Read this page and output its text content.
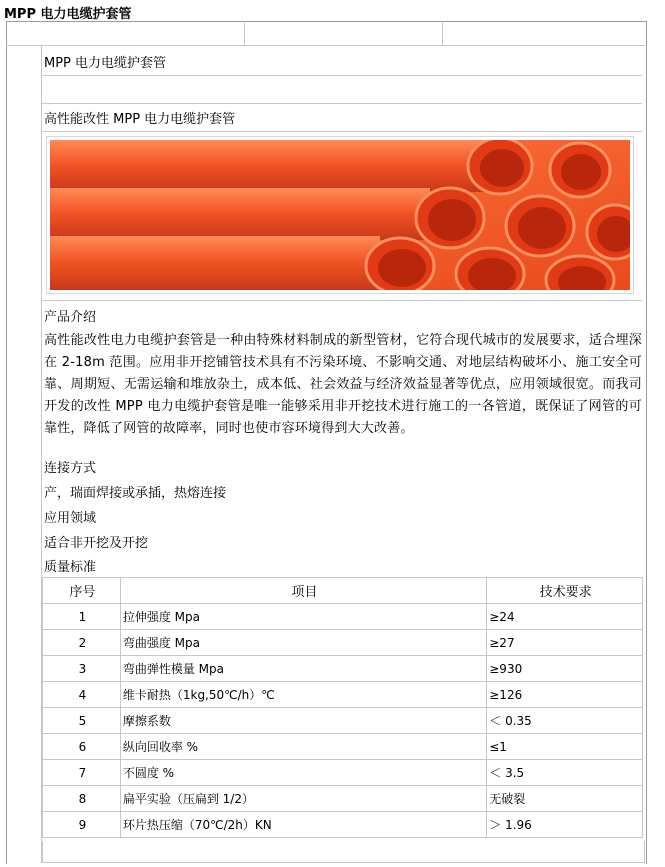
MPP 电力电缆护套管
MPP 电力电缆护套管
高性能改性 MPP 电力电缆护套管
产品介绍
高性能改性电力电缆护套管是一种由特殊材料制成的新型管材，它符合现代城市的发展要求，适合埋深在 2-18m 范围。应用非开挖铺管技术具有不污染环境、不影响交通、对地层结构破坏小、施工安全可靠、周期短、无需运输和堆放杂土，成本低、社会效益与经济效益显著等优点，应用领域很宽。而我司开发的改性 MPP 电力电缆护套管是唯一能够采用非开挖技术进行施工的一各管道，既保证了网管的可靠性，降低了网管的故障率，同时也使市容环境得到大大改善。
连接方式
产，瑞面焊接或承插，热熔连接
应用领域
适合非开挖及开挖
质量标准
序号	项目	技术要求
1	拉伸强度 Mpa	≥24
2	弯曲强度 Mpa	≥27
3	弯曲弹性模量 Mpa	≥930
4	维卡耐热（1kg,50℃/h）℃	≥126
5	摩擦系数	＜ 0.35
6	纵向回收率 %	≤1
7	不圆度 %	＜ 3.5
8	扁平实验（压扁到 1/2）	无破裂
9	环片热压缩（70℃/2h）KN	＞ 1.96
